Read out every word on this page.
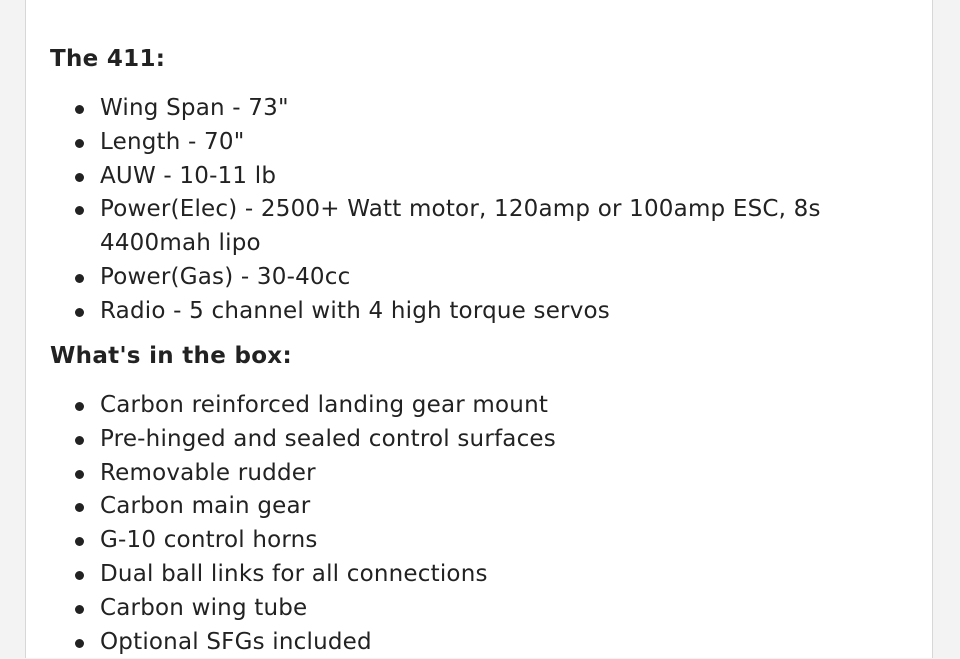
The 411:
Wing Span - 73"
Length - 70"
AUW - 10-11 lb
Power(Elec) - 2500+ Watt motor, 120amp or 100amp ESC, 8s 4400mah lipo
Power(Gas) - 30-40cc
Radio - 5 channel with 4 high torque servos
What's in the box:
Carbon reinforced landing gear mount
Pre-hinged and sealed control surfaces
Removable rudder
Carbon main gear
G-10 control horns
Dual ball links for all connections
Carbon wing tube
Optional SFGs included
